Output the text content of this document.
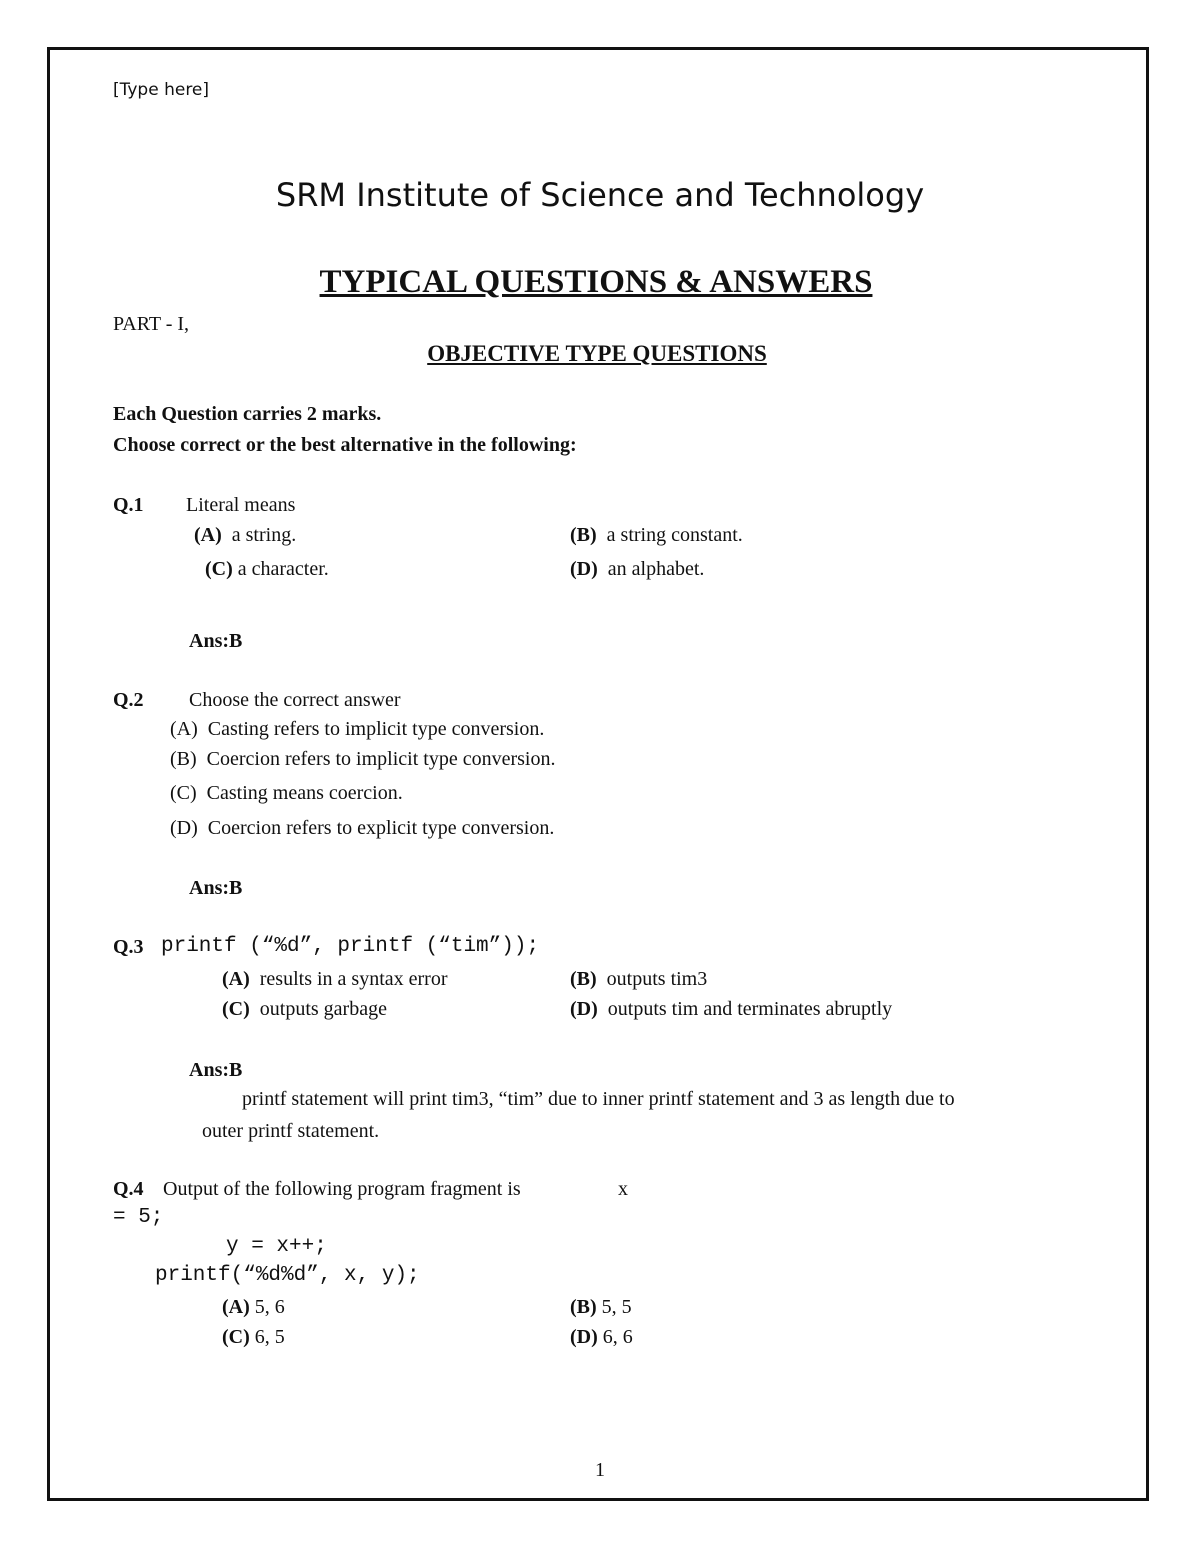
[Type here]
SRM Institute of Science and Technology
TYPICAL QUESTIONS & ANSWERS
PART - I,
OBJECTIVE TYPE QUESTIONS
Each Question carries 2 marks.
Choose correct or the best alternative in the following:
Q.1 Literal means
(A) a string.	(B) a string constant.
(C) a character.	(D) an alphabet.
Ans:B
Q.2 Choose the correct answer
(A) Casting refers to implicit type conversion.
(B) Coercion refers to implicit type conversion.
(C) Casting means coercion.
(D) Coercion refers to explicit type conversion.
Ans:B
Q.3 printf (“%d”, printf (“tim”));
(A) results in a syntax error	(B) outputs tim3
(C) outputs garbage	(D) outputs tim and terminates abruptly
Ans:B
printf statement will print tim3, “tim” due to inner printf statement and 3 as length due to
outer printf statement.
Q.4 Output of the following program fragment is	x
= 5;
y = x++;
printf(“%d%d”, x, y);
(A) 5, 6	(B) 5, 5
(C) 6, 5	(D) 6, 6
1
